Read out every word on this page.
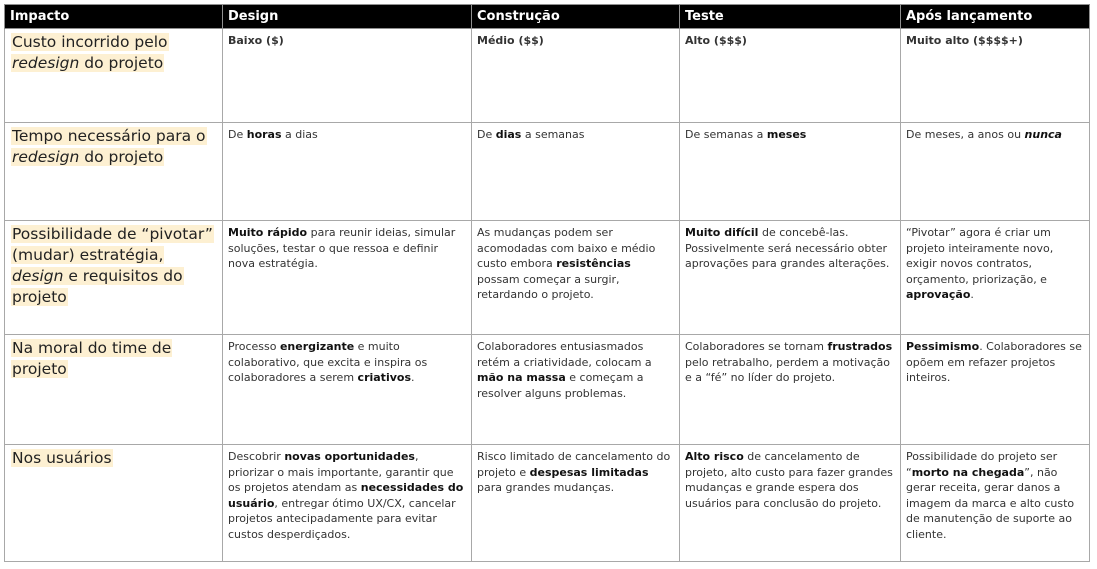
Impacto	Design	Construção	Teste	Após lançamento
Custo incorrido pelo redesign do projeto	Baixo ($)	Médio ($$)	Alto ($$$)	Muito alto ($$$$+)
Tempo necessário para o redesign do projeto	De horas a dias	De dias a semanas	De semanas a meses	De meses, a anos ou nunca
Possibilidade de “pivotar” (mudar) estratégia, design e requisitos do projeto	Muito rápido para reunir ideias, simular soluções, testar o que ressoa e definir nova estratégia.	As mudanças podem ser acomodadas com baixo e médio custo embora resistências possam começar a surgir, retardando o projeto.	Muito difícil de concebê-las. Possivelmente será necessário obter aprovações para grandes alterações.	“Pivotar” agora é criar um projeto inteiramente novo, exigir novos contratos, orçamento, priorização, e aprovação.
Na moral do time de projeto	Processo energizante e muito colaborativo, que excita e inspira os colaboradores a serem criativos.	Colaboradores entusiasmados retém a criatividade, colocam a mão na massa e começam a resolver alguns problemas.	Colaboradores se tornam frustrados pelo retrabalho, perdem a motivação e a “fé” no líder do projeto.	Pessimismo. Colaboradores se opõem em refazer projetos inteiros.
Nos usuários	Descobrir novas oportunidades, priorizar o mais importante, garantir que os projetos atendam as necessidades do usuário, entregar ótimo UX/CX, cancelar projetos antecipadamente para evitar custos desperdiçados.	Risco limitado de cancelamento do projeto e despesas limitadas para grandes mudanças.	Alto risco de cancelamento de projeto, alto custo para fazer grandes mudanças e grande espera dos usuários para conclusão do projeto.	Possibilidade do projeto ser “morto na chegada”, não gerar receita, gerar danos a imagem da marca e alto custo de manutenção de suporte ao cliente.
